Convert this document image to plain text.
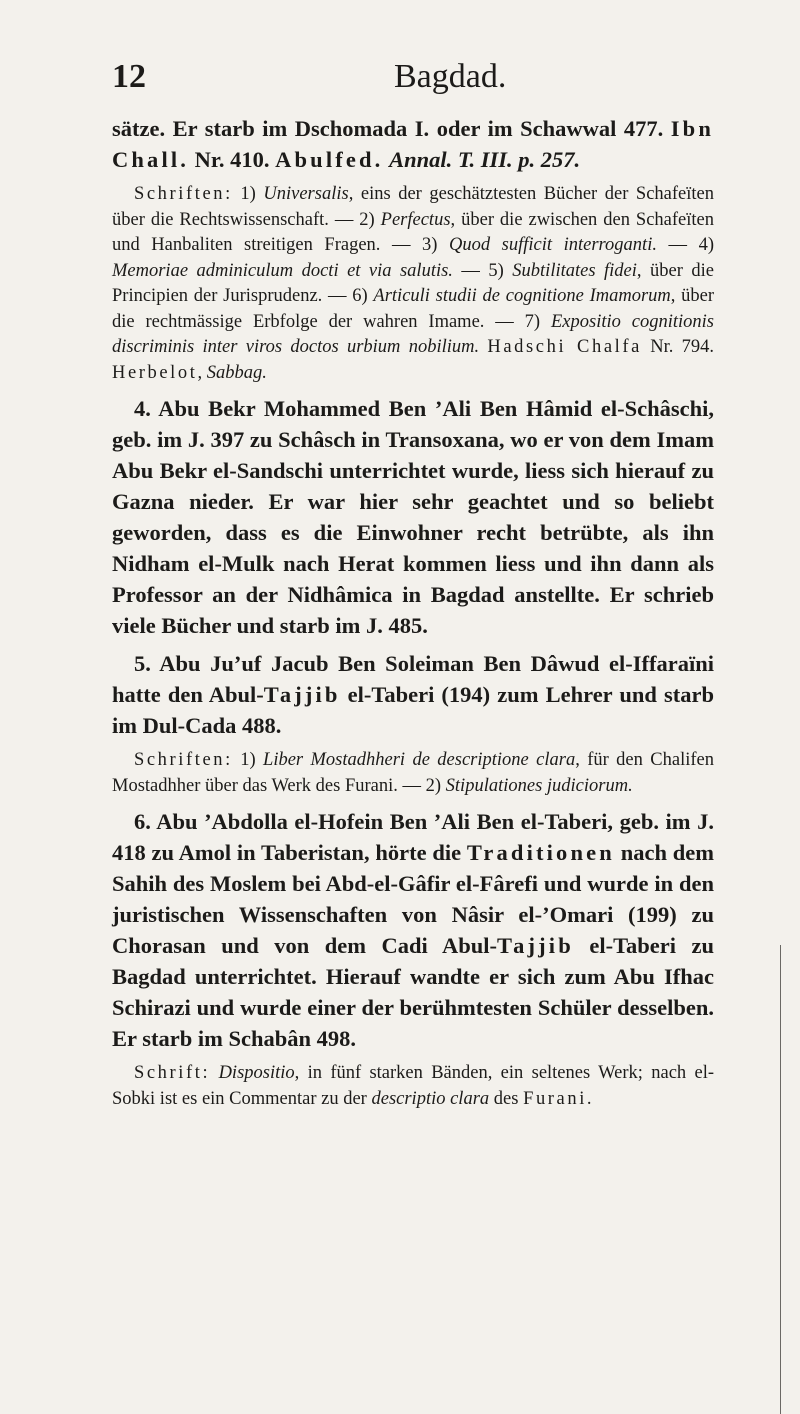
12	Bagdad.

sätze. Er starb im Dschomada I. oder im Schawwal 477. Ibn Chall. Nr. 410. Abulfed. Annal. T. III. p. 257.

Schriften: 1) Universalis, eins der geschätztesten Bücher der Schafeïten über die Rechtswissenschaft. — 2) Perfectus, über die zwischen den Schafeïten und Hanbaliten streitigen Fragen. — 3) Quod sufficit interroganti. — 4) Memoriae adminiculum docti et via salutis. — 5) Subtilitates fidei, über die Principien der Jurisprudenz. — 6) Articuli studii de cognitione Imamorum, über die rechtmässige Erbfolge der wahren Imame. — 7) Expositio cognitionis discriminis inter viros doctos urbium nobilium. Hadschi Chalfa Nr. 794. Herbelot, Sabbag.

4. Abu Bekr Mohammed Ben ’Ali Ben Hâmid el-Schâschi, geb. im J. 397 zu Schâsch in Transoxana, wo er von dem Imam Abu Bekr el-Sandschi unterrichtet wurde, liess sich hierauf zu Gazna nieder. Er war hier sehr geachtet und so beliebt geworden, dass es die Einwohner recht betrübte, als ihn Nidham el-Mulk nach Herat kommen liess und ihn dann als Professor an der Nidhâmica in Bagdad anstellte. Er schrieb viele Bücher und starb im J. 485.

5. Abu Ju’uf Jacub Ben Soleiman Ben Dâwud el-Iffaraïni hatte den Abul-Tajjib el-Taberi (194) zum Lehrer und starb im Dul-Cada 488.

Schriften: 1) Liber Mostadhheri de descriptione clara, für den Chalifen Mostadhher über das Werk des Furani. — 2) Stipulationes judiciorum.

6. Abu ’Abdolla el-Hofein Ben ’Ali Ben el-Taberi, geb. im J. 418 zu Amol in Taberistan, hörte die Traditionen nach dem Sahih des Moslem bei Abd-el-Gâfir el-Fârefi und wurde in den juristischen Wissenschaften von Nâsir el-’Omari (199) zu Chorasan und von dem Cadi Abul-Tajjib el-Taberi zu Bagdad unterrichtet. Hierauf wandte er sich zum Abu Ifhac Schirazi und wurde einer der berühmtesten Schüler desselben. Er starb im Schabân 498.

Schrift: Dispositio, in fünf starken Bänden, ein seltenes Werk; nach el-Sobki ist es ein Commentar zu der descriptio clara des Furani.
